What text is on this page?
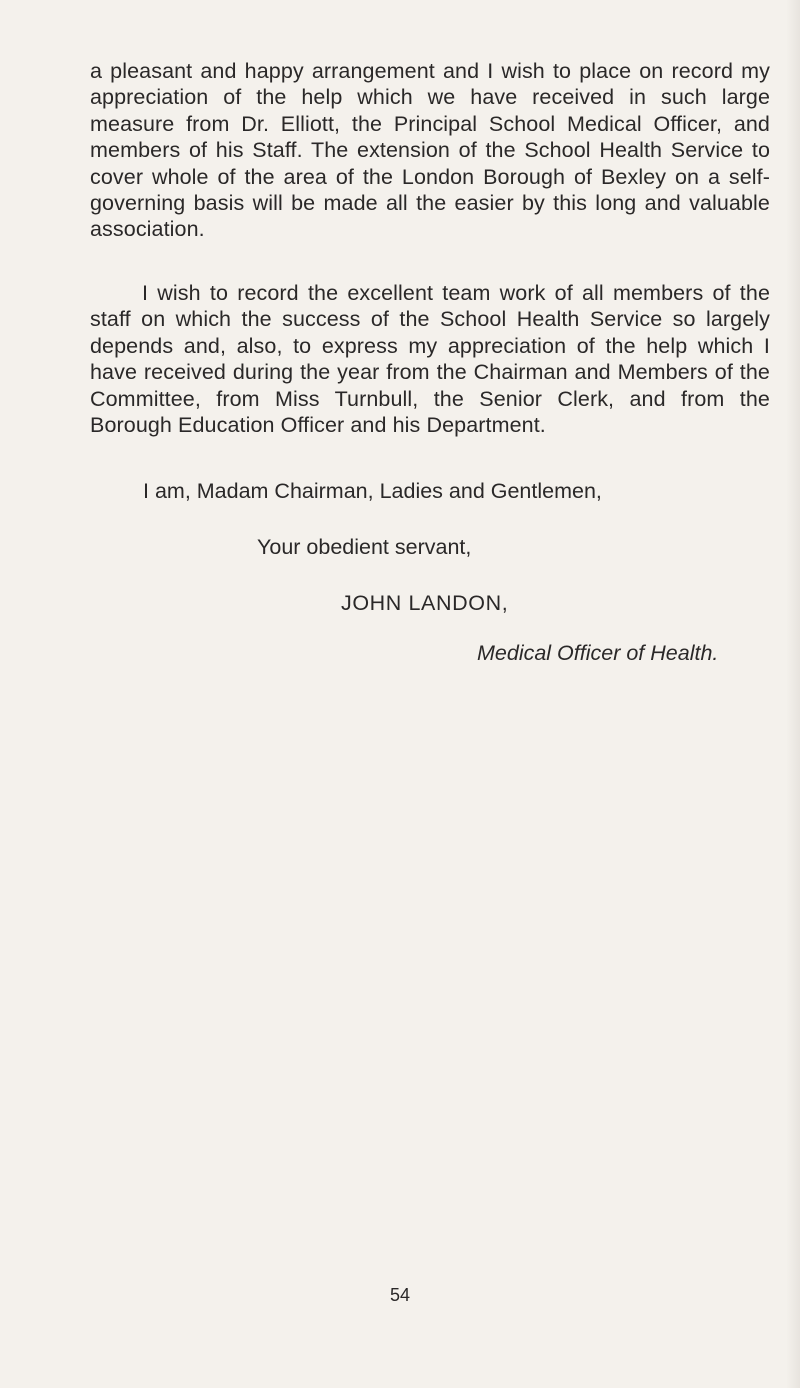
a pleasant and happy arrangement and I wish to place on record my appreciation of the help which we have received in such large measure from Dr. Elliott, the Principal School Medical Officer, and members of his Staff. The extension of the School Health Service to cover whole of the area of the London Borough of Bexley on a self-governing basis will be made all the easier by this long and valuable association.

I wish to record the excellent team work of all members of the staff on which the success of the School Health Service so largely depends and, also, to express my appreciation of the help which I have received during the year from the Chairman and Members of the Committee, from Miss Turnbull, the Senior Clerk, and from the Borough Education Officer and his Department.

I am, Madam Chairman, Ladies and Gentlemen,
Your obedient servant,
JOHN LANDON,
Medical Officer of Health.
54
